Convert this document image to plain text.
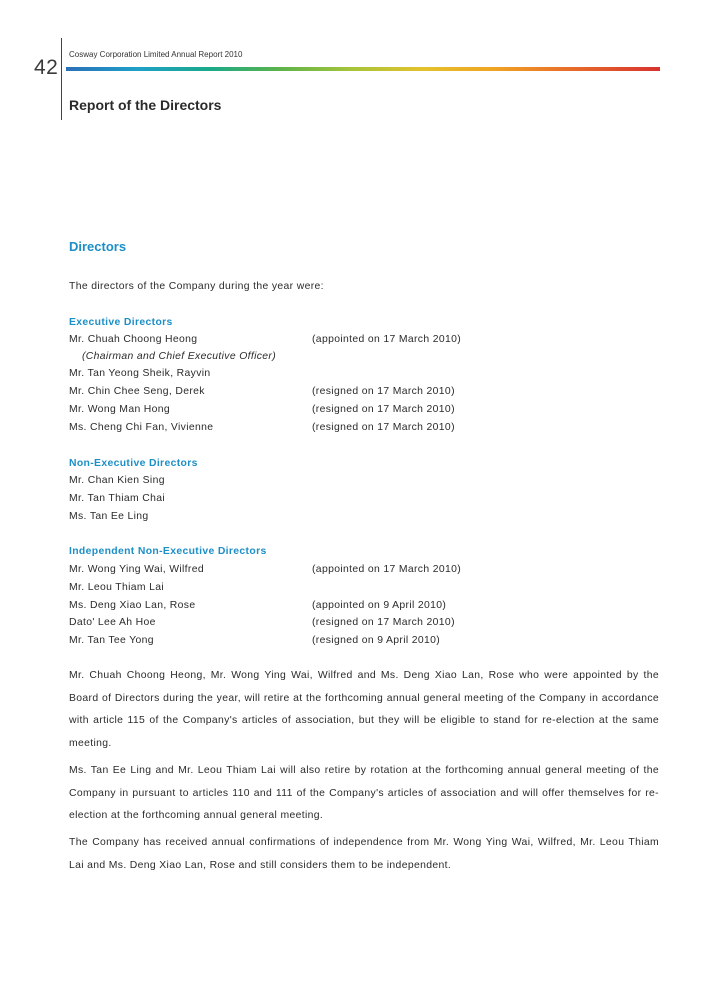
42
Cosway Corporation Limited Annual Report 2010
Report of the Directors
Directors
The directors of the Company during the year were:
Executive Directors
Mr. Chuah Choong Heong	(appointed on 17 March 2010)
(Chairman and Chief Executive Officer)
Mr. Tan Yeong Sheik, Rayvin
Mr. Chin Chee Seng, Derek	(resigned on 17 March 2010)
Mr. Wong Man Hong	(resigned on 17 March 2010)
Ms. Cheng Chi Fan, Vivienne	(resigned on 17 March 2010)
Non-Executive Directors
Mr. Chan Kien Sing
Mr. Tan Thiam Chai
Ms. Tan Ee Ling
Independent Non-Executive Directors
Mr. Wong Ying Wai, Wilfred	(appointed on 17 March 2010)
Mr. Leou Thiam Lai
Ms. Deng Xiao Lan, Rose	(appointed on 9 April 2010)
Dato' Lee Ah Hoe	(resigned on 17 March 2010)
Mr. Tan Tee Yong	(resigned on 9 April 2010)
Mr. Chuah Choong Heong, Mr. Wong Ying Wai, Wilfred and Ms. Deng Xiao Lan, Rose who were appointed by the Board of Directors during the year, will retire at the forthcoming annual general meeting of the Company in accordance with article 115 of the Company's articles of association, but they will be eligible to stand for re-election at the same meeting.
Ms. Tan Ee Ling and Mr. Leou Thiam Lai will also retire by rotation at the forthcoming annual general meeting of the Company in pursuant to articles 110 and 111 of the Company's articles of association and will offer themselves for re-election at the forthcoming annual general meeting.
The Company has received annual confirmations of independence from Mr. Wong Ying Wai, Wilfred, Mr. Leou Thiam Lai and Ms. Deng Xiao Lan, Rose and still considers them to be independent.
